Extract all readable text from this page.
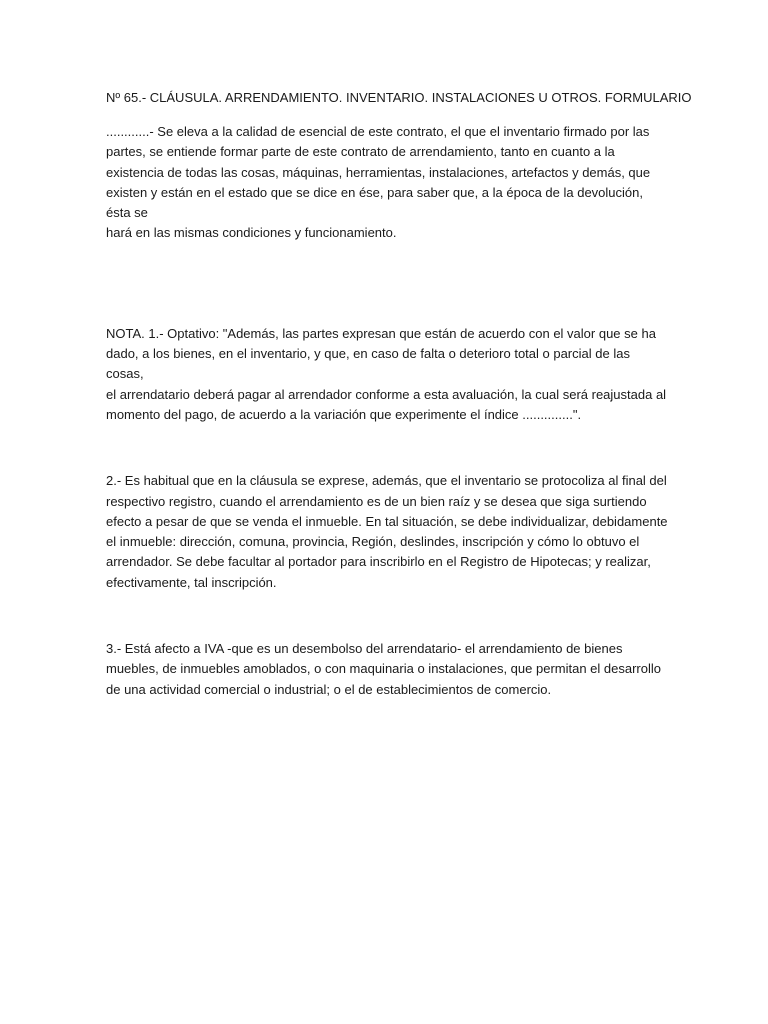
Nº 65.- CLÁUSULA. ARRENDAMIENTO. INVENTARIO. INSTALACIONES U OTROS. FORMULARIO

............- Se eleva a la calidad de esencial de este contrato, el que el inventario firmado por las
partes, se entiende formar parte de este contrato de arrendamiento, tanto en cuanto a la
existencia de todas las cosas, máquinas, herramientas, instalaciones, artefactos y demás, que
existen y están en el estado que se dice en ése, para saber que, a la época de la devolución, ésta se
hará en las mismas condiciones y funcionamiento.

NOTA. 1.- Optativo: "Además, las partes expresan que están de acuerdo con el valor que se ha
dado, a los bienes, en el inventario, y que, en caso de falta o deterioro total o parcial de las cosas,
el arrendatario deberá pagar al arrendador conforme a esta avaluación, la cual será reajustada al
momento del pago, de acuerdo a la variación que experimente el índice ..............".

2.- Es habitual que en la cláusula se exprese, además, que el inventario se protocoliza al final del
respectivo registro, cuando el arrendamiento es de un bien raíz y se desea que siga surtiendo
efecto a pesar de que se venda el inmueble. En tal situación, se debe individualizar, debidamente
el inmueble: dirección, comuna, provincia, Región, deslindes, inscripción y cómo lo obtuvo el
arrendador. Se debe facultar al portador para inscribirlo en el Registro de Hipotecas; y realizar,
efectivamente, tal inscripción.

3.- Está afecto a IVA -que es un desembolso del arrendatario- el arrendamiento de bienes
muebles, de inmuebles amoblados, o con maquinaria o instalaciones, que permitan el desarrollo
de una actividad comercial o industrial; o el de establecimientos de comercio.
